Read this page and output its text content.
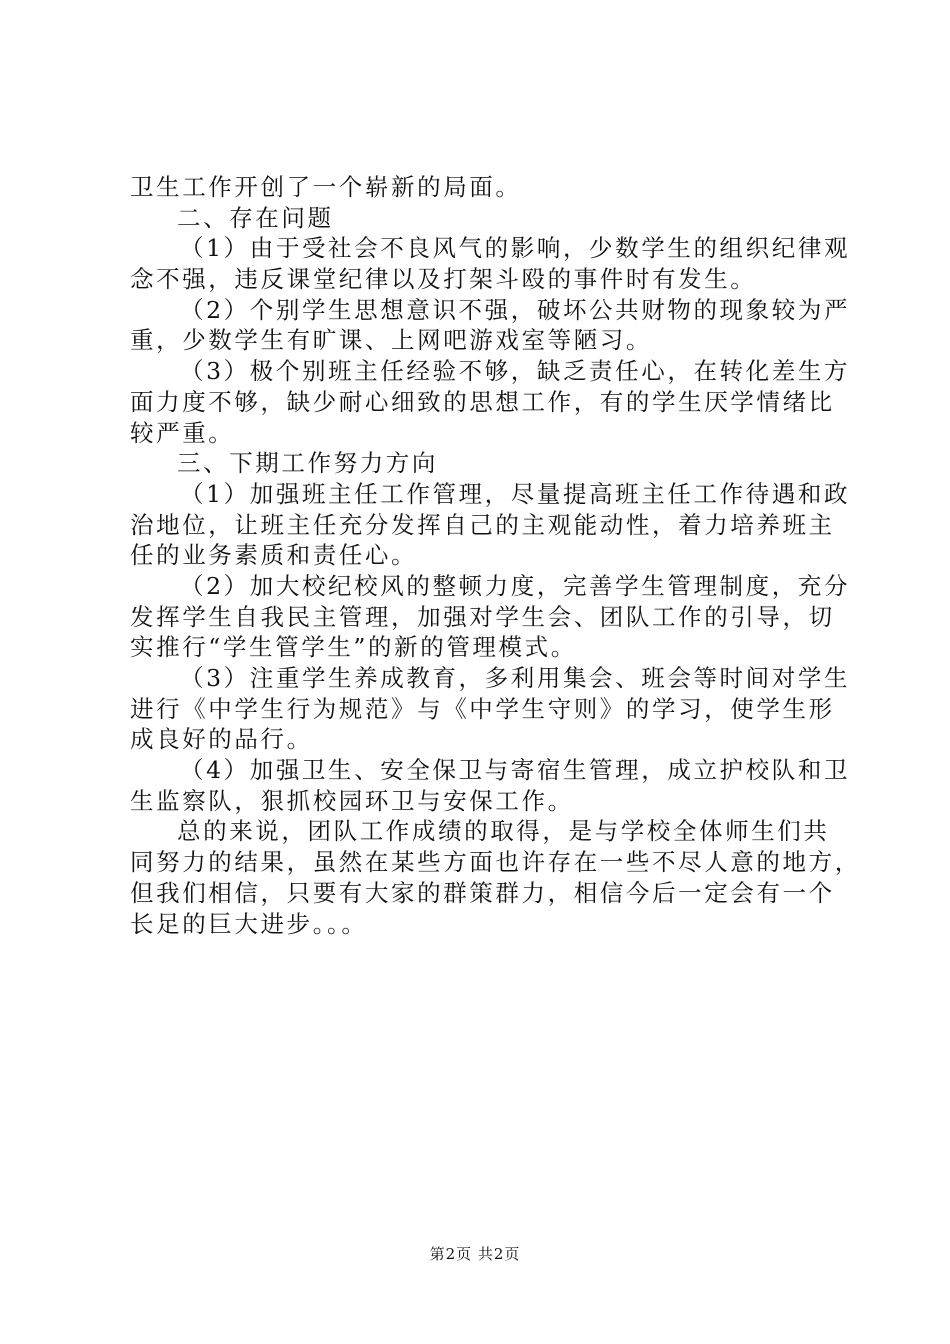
卫生工作开创了一个崭新的局面。
二、存在问题
（1）由于受社会不良风气的影响，少数学生的组织纪律观
念不强，违反课堂纪律以及打架斗殴的事件时有发生。
（2）个别学生思想意识不强，破坏公共财物的现象较为严
重，少数学生有旷课、上网吧游戏室等陋习。
（3）极个别班主任经验不够，缺乏责任心，在转化差生方
面力度不够，缺少耐心细致的思想工作，有的学生厌学情绪比
较严重。
三、下期工作努力方向
（1）加强班主任工作管理，尽量提高班主任工作待遇和政
治地位，让班主任充分发挥自己的主观能动性，着力培养班主
任的业务素质和责任心。
（2）加大校纪校风的整顿力度，完善学生管理制度，充分
发挥学生自我民主管理，加强对学生会、团队工作的引导，切
实推行“学生管学生”的新的管理模式。
（3）注重学生养成教育，多利用集会、班会等时间对学生
进行《中学生行为规范》与《中学生守则》的学习，使学生形
成良好的品行。
（4）加强卫生、安全保卫与寄宿生管理，成立护校队和卫
生监察队，狠抓校园环卫与安保工作。
总的来说，团队工作成绩的取得，是与学校全体师生们共
同努力的结果，虽然在某些方面也许存在一些不尽人意的地方，
但我们相信，只要有大家的群策群力，相信今后一定会有一个
长足的巨大进步。。。
第2页 共2页
